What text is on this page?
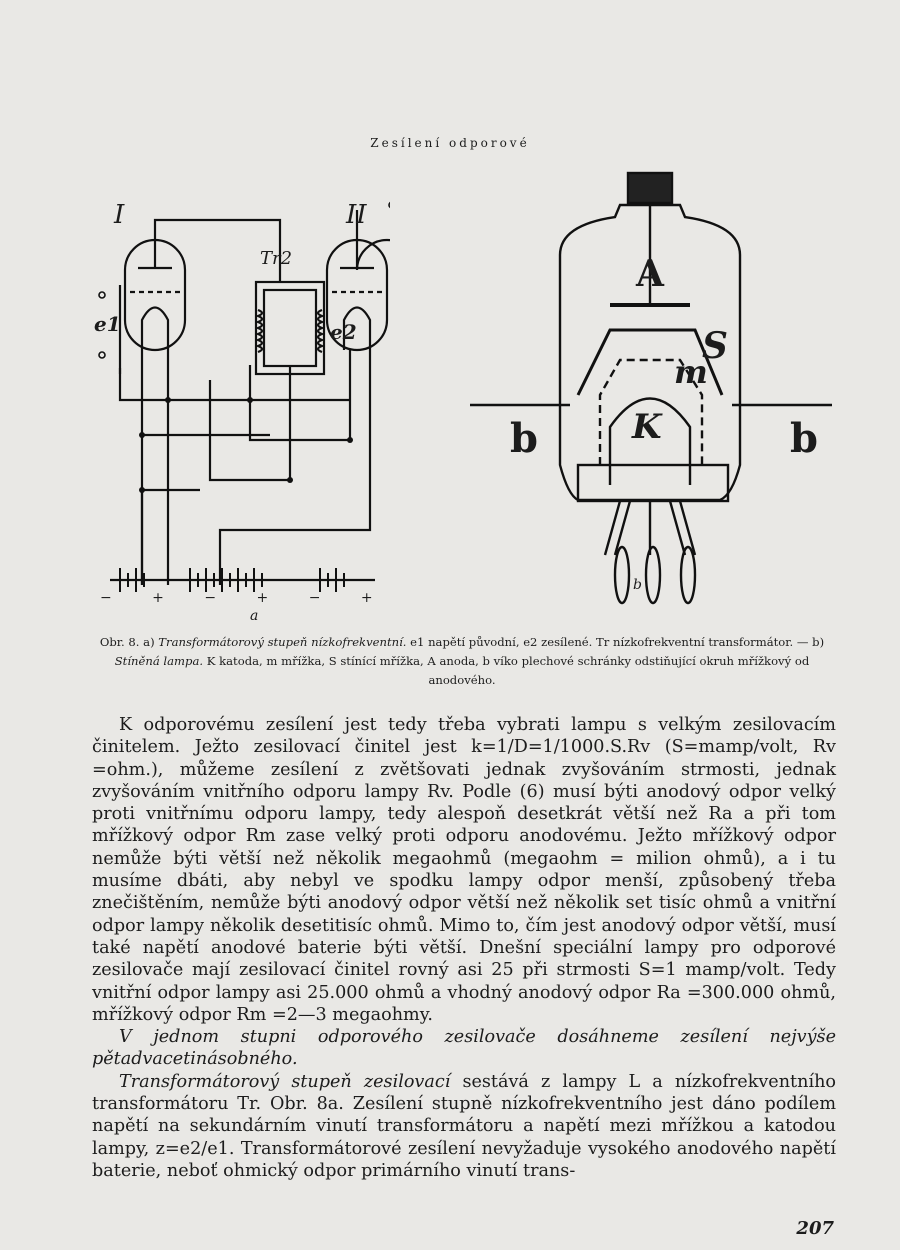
Zesílení odporové
I	II
Tr2
e1	e2
− + − + − +
a
A
S
m
K
b	b
b
Obr. 8. a) Transformátorový stupeň nízkofrekventní. e1 napětí původní, e2 zesílené. Tr nízkofrekventní transformátor. — b) Stíněná lampa. K katoda, m mřížka, S stínící mřížka, A anoda, b víko plechové schránky odstiňující okruh mřížkový od anodového.

K odporovému zesílení jest tedy třeba vybrati lampu s velkým zesilovacím činitelem. Ježto zesilovací činitel jest k=1/D=1/1000.S.Rv (S=mamp/volt, Rv =ohm.), můžeme zesílení z zvětšovati jednak zvyšováním strmosti, jednak zvyšováním vnitřního odporu lampy Rv. Podle (6) musí býti anodový odpor velký proti vnitřnímu odporu lampy, tedy alespoň desetkrát větší než Ra a při tom mřížkový odpor Rm zase velký proti odporu anodovému. Ježto mřížkový odpor nemůže býti větší než několik megaohmů (megaohm = milion ohmů), a i tu musíme dbáti, aby nebyl ve spodku lampy odpor menší, způsobený třeba znečištěním, nemůže býti anodový odpor větší než několik set tisíc ohmů a vnitřní odpor lampy několik desetitisíc ohmů. Mimo to, čím jest anodový odpor větší, musí také napětí anodové baterie býti větší. Dnešní speciální lampy pro odporové zesilovače mají zesilovací činitel rovný asi 25 při strmosti S=1 mamp/volt. Tedy vnitřní odpor lampy asi 25.000 ohmů a vhodný anodový odpor Ra =300.000 ohmů, mřížkový odpor Rm =2—3 megaohmy.

V jednom stupni odporového zesilovače dosáhneme zesílení nejvýše pětadvacetinásobného.

Transformátorový stupeň zesilovací sestává z lampy L a nízkofrekventního transformátoru Tr. Obr. 8a. Zesílení stupně nízkofrekventního jest dáno podílem napětí na sekundárním vinutí transformátoru a napětí mezi mřížkou a katodou lampy, z=e2/e1. Transformátorové zesílení nevyžaduje vysokého anodového napětí baterie, neboť ohmický odpor primárního vinutí trans-

207
